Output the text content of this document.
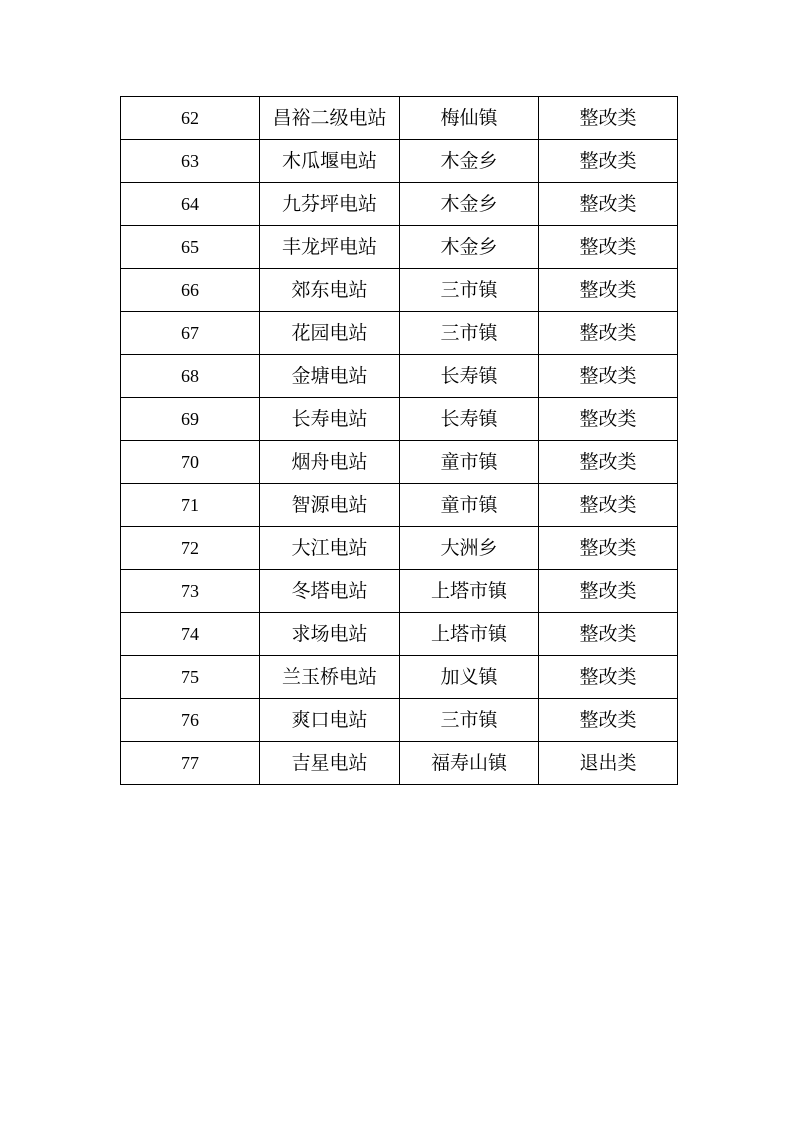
62	昌裕二级电站	梅仙镇	整改类
63	木瓜堰电站	木金乡	整改类
64	九芬坪电站	木金乡	整改类
65	丰龙坪电站	木金乡	整改类
66	郊东电站	三市镇	整改类
67	花园电站	三市镇	整改类
68	金塘电站	长寿镇	整改类
69	长寿电站	长寿镇	整改类
70	烟舟电站	童市镇	整改类
71	智源电站	童市镇	整改类
72	大江电站	大洲乡	整改类
73	冬塔电站	上塔市镇	整改类
74	求场电站	上塔市镇	整改类
75	兰玉桥电站	加义镇	整改类
76	爽口电站	三市镇	整改类
77	吉星电站	福寿山镇	退出类
